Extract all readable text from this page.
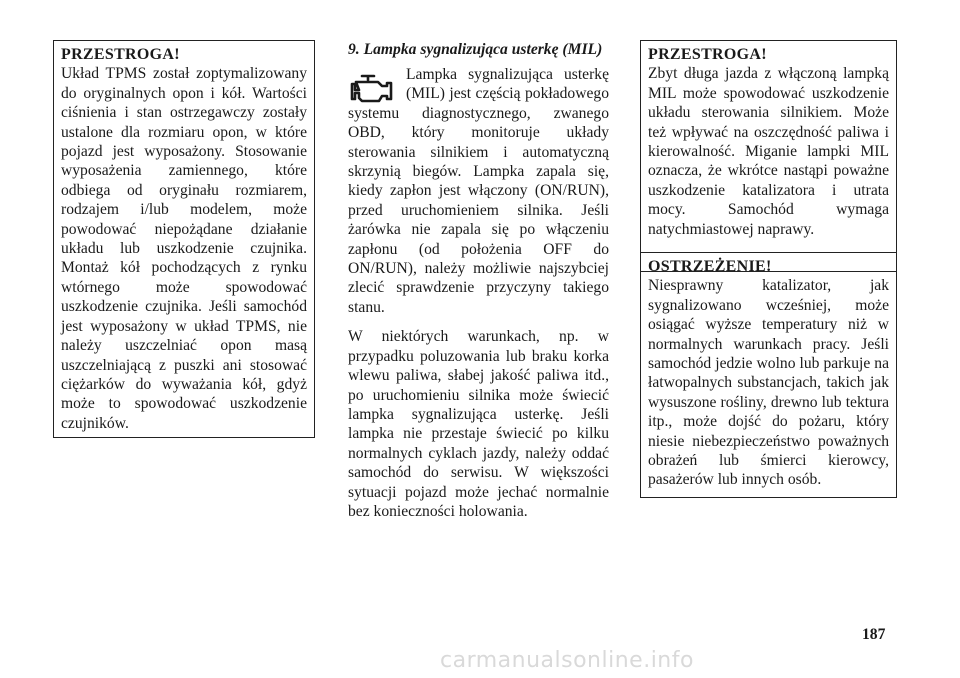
PRZESTROGA!
Układ TPMS został zoptymalizowany do oryginalnych opon i kół. Wartości ciśnienia i stan ostrzegawczy zostały ustalone dla rozmiaru opon, w które pojazd jest wyposażony. Stosowanie wyposażenia zamiennego, które odbiega od oryginału rozmiarem, rodzajem i/lub modelem, może powodować niepożądane działanie układu lub uszkodzenie czujnika. Montaż kół pochodzących z rynku wtórnego może spowodować uszkodzenie czujnika. Jeśli samochód jest wyposażony w układ TPMS, nie należy uszczelniać opon masą uszczelniającą z puszki ani stosować ciężarków do wyważania kół, gdyż może to spowodować uszkodzenie czujników.
9. Lampka sygnalizująca usterkę (MIL)

Lampka sygnalizująca usterkę (MIL) jest częścią pokładowego systemu diagnostycznego, zwanego OBD, który monitoruje układy sterowania silnikiem i automatyczną skrzynią biegów. Lampka zapala się, kiedy zapłon jest włączony (ON/RUN), przed uruchomieniem silnika. Jeśli żarówka nie zapala się po włączeniu zapłonu (od położenia OFF do ON/RUN), należy możliwie najszybciej zlecić sprawdzenie przyczyny takiego stanu.

W niektórych warunkach, np. w przypadku poluzowania lub braku korka wlewu paliwa, słabej jakość paliwa itd., po uruchomieniu silnika może świecić lampka sygnalizująca usterkę. Jeśli lampka nie przestaje świecić po kilku normalnych cyklach jazdy, należy oddać samochód do serwisu. W większości sytuacji pojazd może jechać normalnie bez konieczności holowania.

PRZESTROGA!
Zbyt długa jazda z włączoną lampką MIL może spowodować uszkodzenie układu sterowania silnikiem. Może też wpływać na oszczędność paliwa i kierowalność. Miganie lampki MIL oznacza, że wkrótce nastąpi poważne uszkodzenie katalizatora i utrata mocy. Samochód wymaga natychmiastowej naprawy.
OSTRZEŻENIE!
Niesprawny katalizator, jak sygnalizowano wcześniej, może osiągać wyższe temperatury niż w normalnych warunkach pracy. Jeśli samochód jedzie wolno lub parkuje na łatwopalnych substancjach, takich jak wysuszone rośliny, drewno lub tektura itp., może dojść do pożaru, który niesie niebezpieczeństwo poważnych obrażeń lub śmierci kierowcy, pasażerów lub innych osób.
187
carmanualsonline.info
